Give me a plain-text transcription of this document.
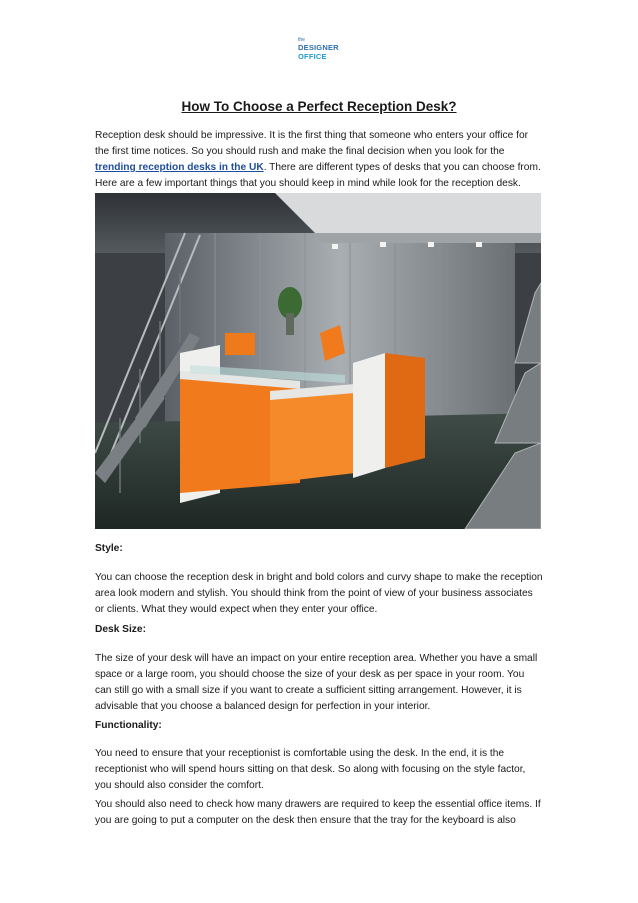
the
DESIGNER
OFFICE
How To Choose a Perfect Reception Desk?

Reception desk should be impressive. It is the first thing that someone who enters your office for the first time notices. So you should rush and make the final decision when you look for the trending reception desks in the UK. There are different types of desks that you can choose from. Here are a few important things that you should keep in mind while look for the reception desk.

Style:

You can choose the reception desk in bright and bold colors and curvy shape to make the reception area look modern and stylish. You should think from the point of view of your business associates or clients. What they would expect when they enter your office.

Desk Size:

The size of your desk will have an impact on your entire reception area. Whether you have a small space or a large room, you should choose the size of your desk as per space in your room. You can still go with a small size if you want to create a sufficient sitting arrangement. However, it is advisable that you choose a balanced design for perfection in your interior.

Functionality:

You need to ensure that your receptionist is comfortable using the desk. In the end, it is the receptionist who will spend hours sitting on that desk. So along with focusing on the style factor, you should also consider the comfort.

You should also need to check how many drawers are required to keep the essential office items. If you are going to put a computer on the desk then ensure that the tray for the keyboard is also
